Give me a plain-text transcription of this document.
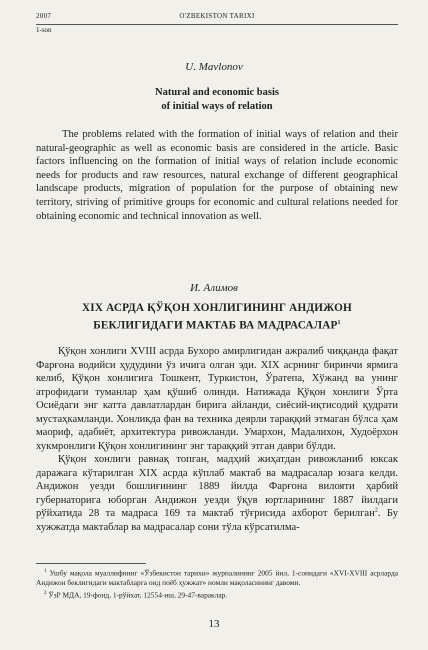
2007	O'ZBEKISTON TARIXI
1-son
U. Mavlonov
Natural and economic basis
of initial ways of relation

The problems related with the formation of initial ways of relation and their natural-geographic as well as economic basis are considered in the article. Basic factors influencing on the formation of initial ways of relation include economic needs for products and raw resources, natural exchange of different geographical landscape products, migration of population for the purpose of obtaining new territory, striving of primitive groups for economic and cultural relations needed for obtaining economic and technical innovation as well.

И. Алимов
XIX АСРДА ҚЎҚОН ХОНЛИГИНИНГ АНДИЖОН
БЕКЛИГИДАГИ МАКТАБ ВА МАДРАСАЛАР$^1$

Қўқон хонлиги XVIII асрда Бухоро амирлигидан ажралиб чиққанда фақат Фарғона водийси ҳудудини ўз ичига олган эди. XIX асрнинг биринчи ярмига келиб, Қўқон хонлигига Тошкент, Туркистон, Ўратепа, Хўжанд ва унинг атрофидаги туманлар ҳам қўшиб олинди. Натижада Қўқон хонлиги Ўрта Осиёдаги энг катта давлатлардан бирига айланди, сиёсий-иқтисодий қудрати мустаҳкамланди. Хонликда фан ва техника деярли тараққий этмаган бўлса ҳам маориф, адабиёт, архитектура ривожланди. Умархон, Мадалихон, Худоёрхон хукмронлиги Қўқон хонлигининг энг тараққий этган даври бўлди.

Қўқон хонлиги равнақ топган, мадҳий жиҳатдан ривожланиб юксак даражага кўтарилган XIX асрда кўплаб мактаб ва мадрасалар юзага келди. Андижон уезди бошлиғининг 1889 йилда Фарғона вилояти ҳарбий губернаторига юборган Андижон уезди ўқув юртларининг 1887 йилдаги рўйхатида 28 та мадраса 169 та мактаб тўғрисида ахборот берилган$^2$. Бу хужжатда мактаблар ва мадрасалар сони тўла кўрсатилма-

$^1$ Ушбу мақола муаллифнинг «Ўзбекистон тарихи» журналининг 2005 йил, 1-сонидаги «XVI-XVIII асрларда Андижон беклигидаги мактабларга оид поёб ҳужжат» номли мақоласининг давоми.

$^2$ ЎзР МДА, 19-фонд, 1-рўйхат, 12554-иш, 29-47-вараклар.

13
